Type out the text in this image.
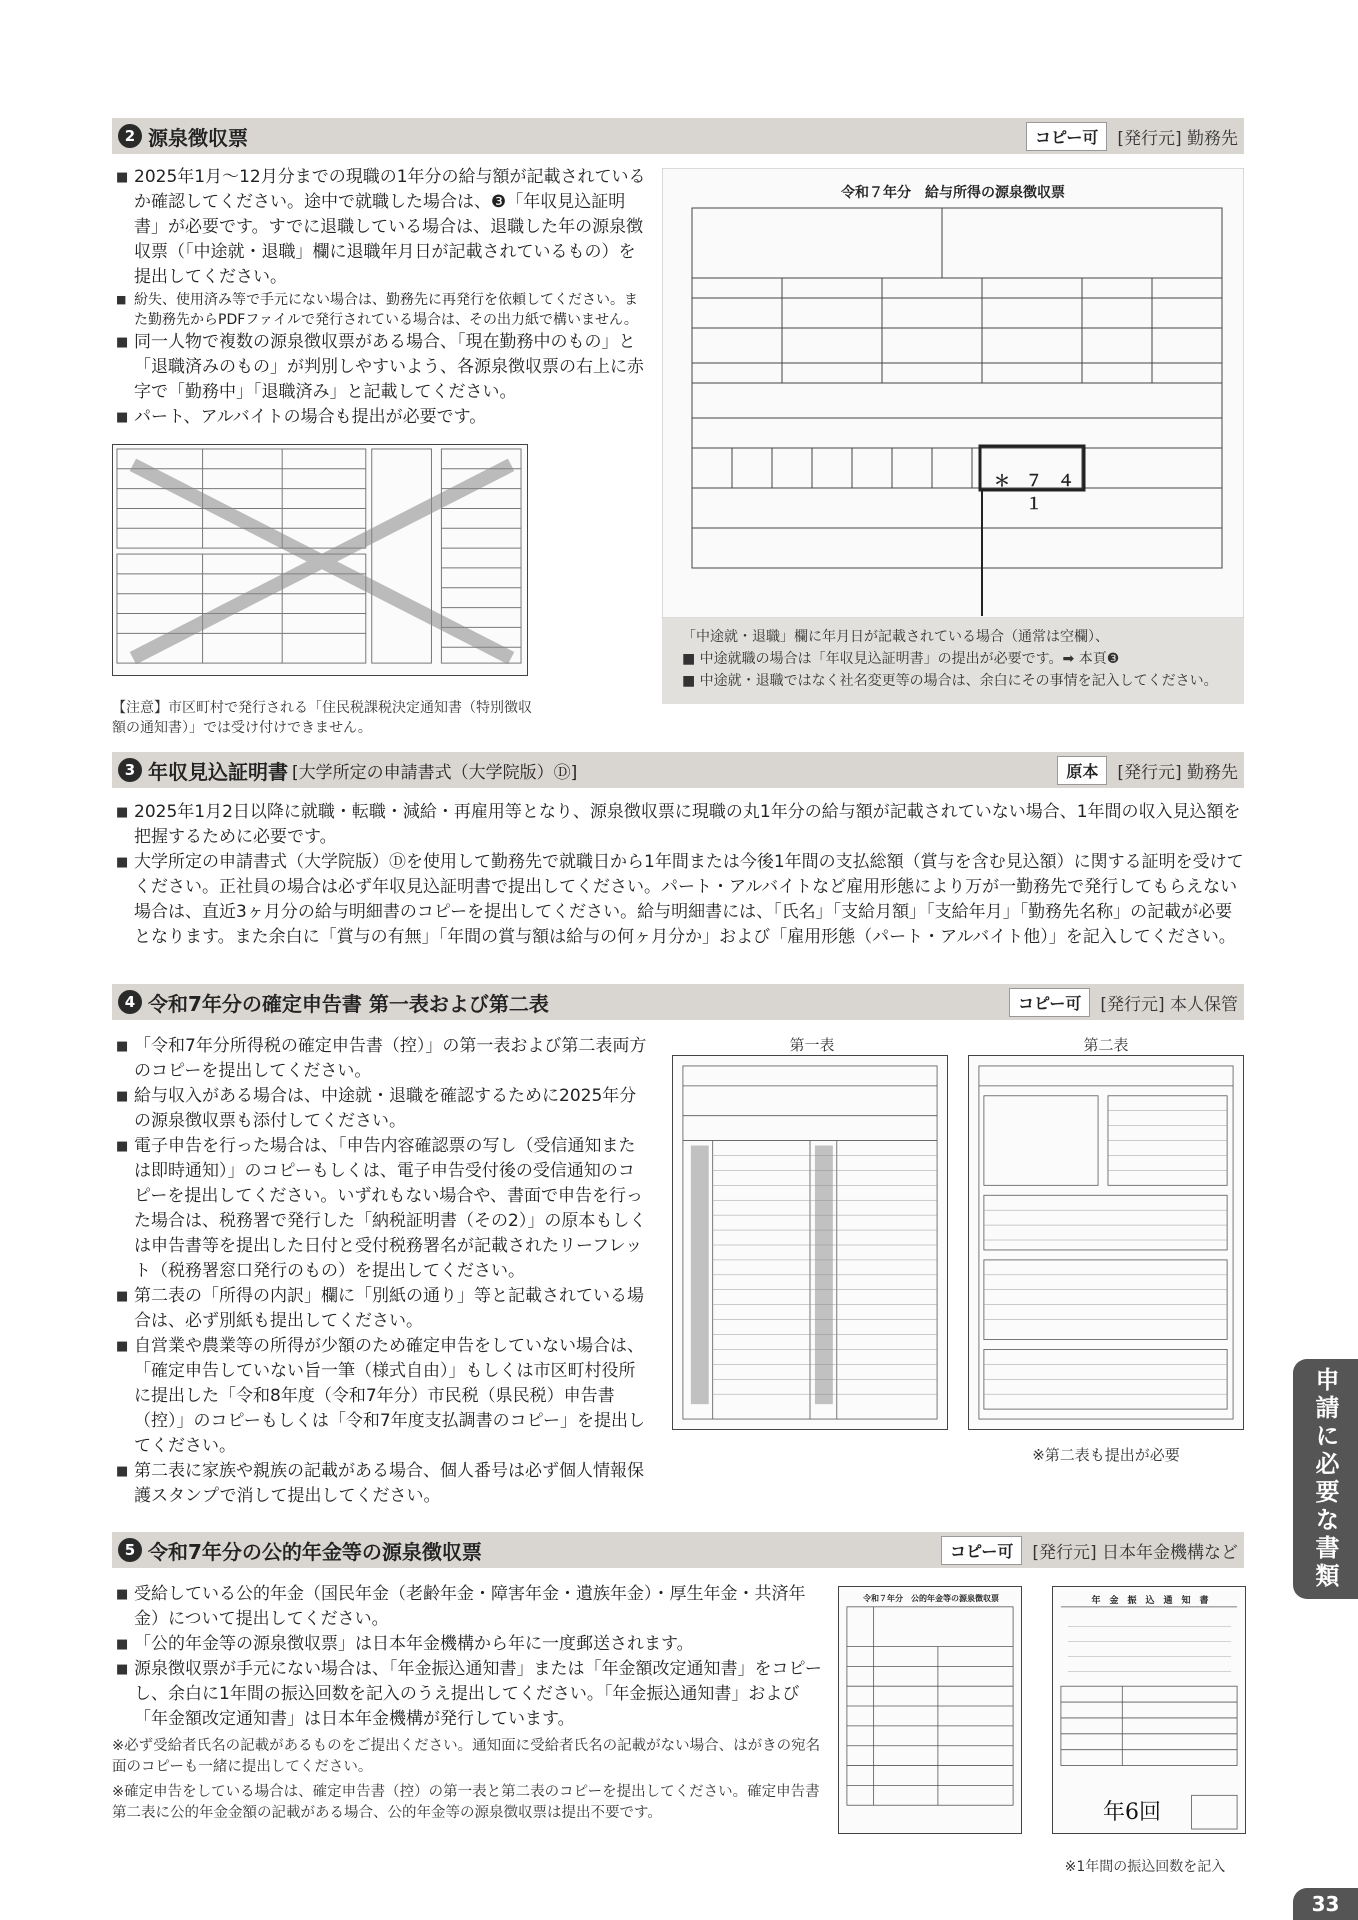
2 源泉徴収票	コピー可	[発行元] 勤務先
■ 2025年1月～12月分までの現職の1年分の給与額が記載されているか確認してください。途中で就職した場合は、❸「年収見込証明書」が必要です。すでに退職している場合は、退職した年の源泉徴収票（「中途就・退職」欄に退職年月日が記載されているもの）を提出してください。
■ 紛失、使用済み等で手元にない場合は、勤務先に再発行を依頼してください。また勤務先からPDFファイルで発行されている場合は、その出力紙で構いません。
■ 同一人物で複数の源泉徴収票がある場合、「現在勤務中のもの」と「退職済みのもの」が判別しやすいよう、各源泉徴収票の右上に赤字で「勤務中」「退職済み」と記載してください。
■ パート、アルバイトの場合も提出が必要です。
【注意】市区町村で発行される「住民税課税決定通知書（特別徴収額の通知書）」では受け付けできません。
令和７年分　給与所得の源泉徴収票
＊　７　４　１
「中途就・退職」欄に年月日が記載されている場合（通常は空欄）、
■ 中途就職の場合は「年収見込証明書」の提出が必要です。➡ 本頁❸
■ 中途就・退職ではなく社名変更等の場合は、余白にその事情を記入してください。
3 年収見込証明書 [大学所定の申請書式（大学院版）Ⓓ]	原本	[発行元] 勤務先
■ 2025年1月2日以降に就職・転職・減給・再雇用等となり、源泉徴収票に現職の丸1年分の給与額が記載されていない場合、1年間の収入見込額を把握するために必要です。
■ 大学所定の申請書式（大学院版）Ⓓを使用して勤務先で就職日から1年間または今後1年間の支払総額（賞与を含む見込額）に関する証明を受けてください。正社員の場合は必ず年収見込証明書で提出してください。パート・アルバイトなど雇用形態により万が一勤務先で発行してもらえない場合は、直近3ヶ月分の給与明細書のコピーを提出してください。給与明細書には、「氏名」「支給月額」「支給年月」「勤務先名称」の記載が必要となります。また余白に「賞与の有無」「年間の賞与額は給与の何ヶ月分か」および「雇用形態（パート・アルバイト他）」を記入してください。
4 令和7年分の確定申告書 第一表および第二表	コピー可	[発行元] 本人保管
■ 「令和7年分所得税の確定申告書（控）」の第一表および第二表両方のコピーを提出してください。
■ 給与収入がある場合は、中途就・退職を確認するために2025年分の源泉徴収票も添付してください。
■ 電子申告を行った場合は、「申告内容確認票の写し（受信通知または即時通知）」のコピーもしくは、電子申告受付後の受信通知のコピーを提出してください。いずれもない場合や、書面で申告を行った場合は、税務署で発行した「納税証明書（その2）」の原本もしくは申告書等を提出した日付と受付税務署名が記載されたリーフレット（税務署窓口発行のもの）を提出してください。
■ 第二表の「所得の内訳」欄に「別紙の通り」等と記載されている場合は、必ず別紙も提出してください。
■ 自営業や農業等の所得が少額のため確定申告をしていない場合は、「確定申告していない旨一筆（様式自由）」もしくは市区町村役所に提出した「令和8年度（令和7年分）市民税（県民税）申告書（控）」のコピーもしくは「令和7年度支払調書のコピー」を提出してください。
■ 第二表に家族や親族の記載がある場合、個人番号は必ず個人情報保護スタンプで消して提出してください。
第一表	第二表
※第二表も提出が必要
5 令和7年分の公的年金等の源泉徴収票	コピー可	[発行元] 日本年金機構など
■ 受給している公的年金（国民年金（老齢年金・障害年金・遺族年金）・厚生年金・共済年金）について提出してください。
■ 「公的年金等の源泉徴収票」は日本年金機構から年に一度郵送されます。
■ 源泉徴収票が手元にない場合は、「年金振込通知書」または「年金額改定通知書」をコピーし、余白に1年間の振込回数を記入のうえ提出してください。「年金振込通知書」および「年金額改定通知書」は日本年金機構が発行しています。
※必ず受給者氏名の記載があるものをご提出ください。通知面に受給者氏名の記載がない場合、はがきの宛名面のコピーも一緒に提出してください。
※確定申告をしている場合は、確定申告書（控）の第一表と第二表のコピーを提出してください。確定申告書第二表に公的年金金額の記載がある場合、公的年金等の源泉徴収票は提出不要です。
令和７年分　公的年金等の源泉徴収票	年　金　振　込　通　知　書
年6回
※1年間の振込回数を記入
申請に必要な書類
33
